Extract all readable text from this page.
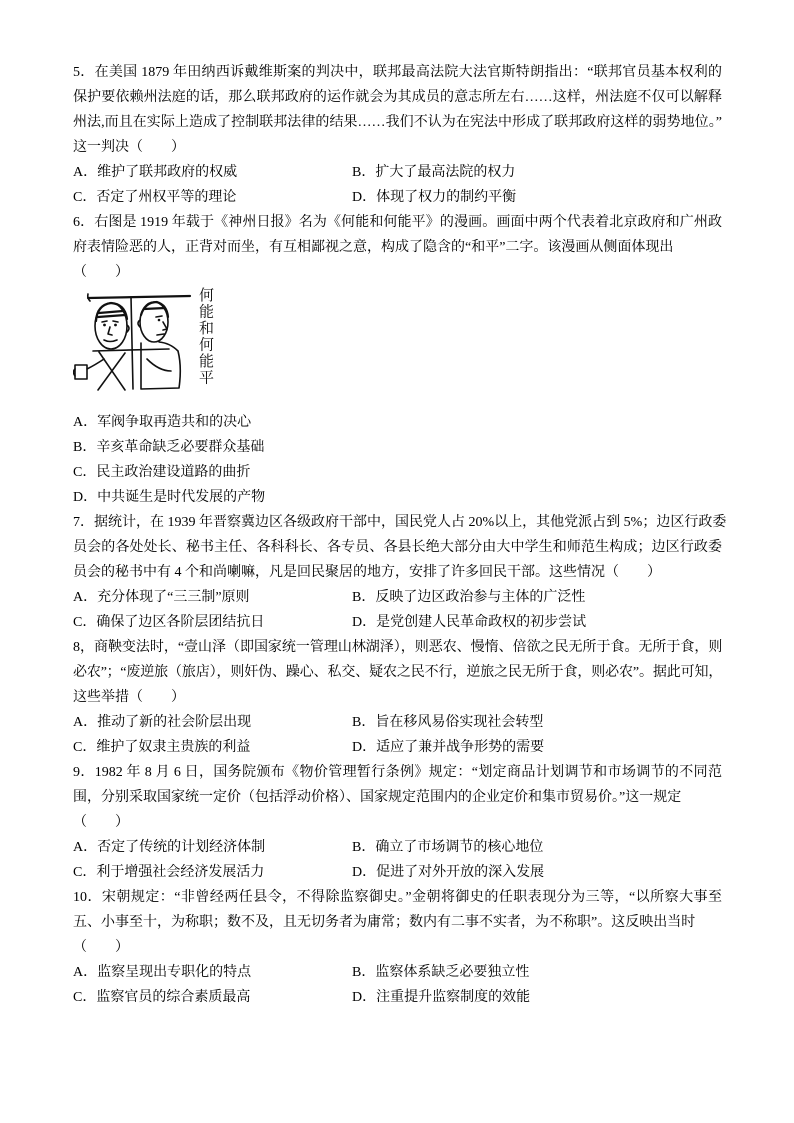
5．在美国 1879 年田纳西诉戴维斯案的判决中，联邦最高法院大法官斯特朗指出：“联邦官员基本权利的
保护要依赖州法庭的话，那么联邦政府的运作就会为其成员的意志所左右……这样，州法庭不仅可以解释
州法,而且在实际上造成了控制联邦法律的结果……我们不认为在宪法中形成了联邦政府这样的弱势地位。”
这一判决（　　）
A．维护了联邦政府的权威	B．扩大了最高法院的权力
C．否定了州权平等的理论	D．体现了权力的制约平衡
6．右图是 1919 年载于《神州日报》名为《何能和何能平》的漫画。画面中两个代表着北京政府和广州政
府表情险恶的人，正背对而坐，有互相鄙视之意，构成了隐含的“和平”二字。该漫画从侧面体现出
（　　）
何能和何能平
A．军阀争取再造共和的决心
B．辛亥革命缺乏必要群众基础
C．民主政治建设道路的曲折
D．中共诞生是时代发展的产物
7．据统计，在 1939 年晋察冀边区各级政府干部中，国民党人占 20%以上，其他党派占到 5%；边区行政委
员会的各处处长、秘书主任、各科科长、各专员、各县长绝大部分由大中学生和师范生构成；边区行政委
员会的秘书中有 4 个和尚喇嘛，凡是回民聚居的地方，安排了许多回民干部。这些情况（　　）
A．充分体现了“三三制”原则	B．反映了边区政治参与主体的广泛性
C．确保了边区各阶层团结抗日	D．是党创建人民革命政权的初步尝试
8，商鞅变法时，“壹山泽（即国家统一管理山林湖泽），则恶农、慢惰、倍欲之民无所于食。无所于食，则
必农”；“废逆旅（旅店），则奸伪、躁心、私交、疑农之民不行，逆旅之民无所于食，则必农”。据此可知，
这些举措（　　）
A．推动了新的社会阶层出现	B．旨在移风易俗实现社会转型
C．维护了奴隶主贵族的利益	D．适应了兼并战争形势的需要
9．1982 年 8 月 6 日，国务院颁布《物价管理暂行条例》规定：“划定商品计划调节和市场调节的不同范
围，分别采取国家统一定价（包括浮动价格）、国家规定范围内的企业定价和集市贸易价。”这一规定
（　　）
A．否定了传统的计划经济体制	B．确立了市场调节的核心地位
C．利于增强社会经济发展活力	D．促进了对外开放的深入发展
10．宋朝规定：“非曾经两任县令，不得除监察御史。”金朝将御史的任职表现分为三等，“以所察大事至
五、小事至十，为称职；数不及，且无切务者为庸常；数内有二事不实者，为不称职”。这反映出当时
（　　）
A．监察呈现出专职化的特点	B．监察体系缺乏必要独立性
C．监察官员的综合素质最高	D．注重提升监察制度的效能
